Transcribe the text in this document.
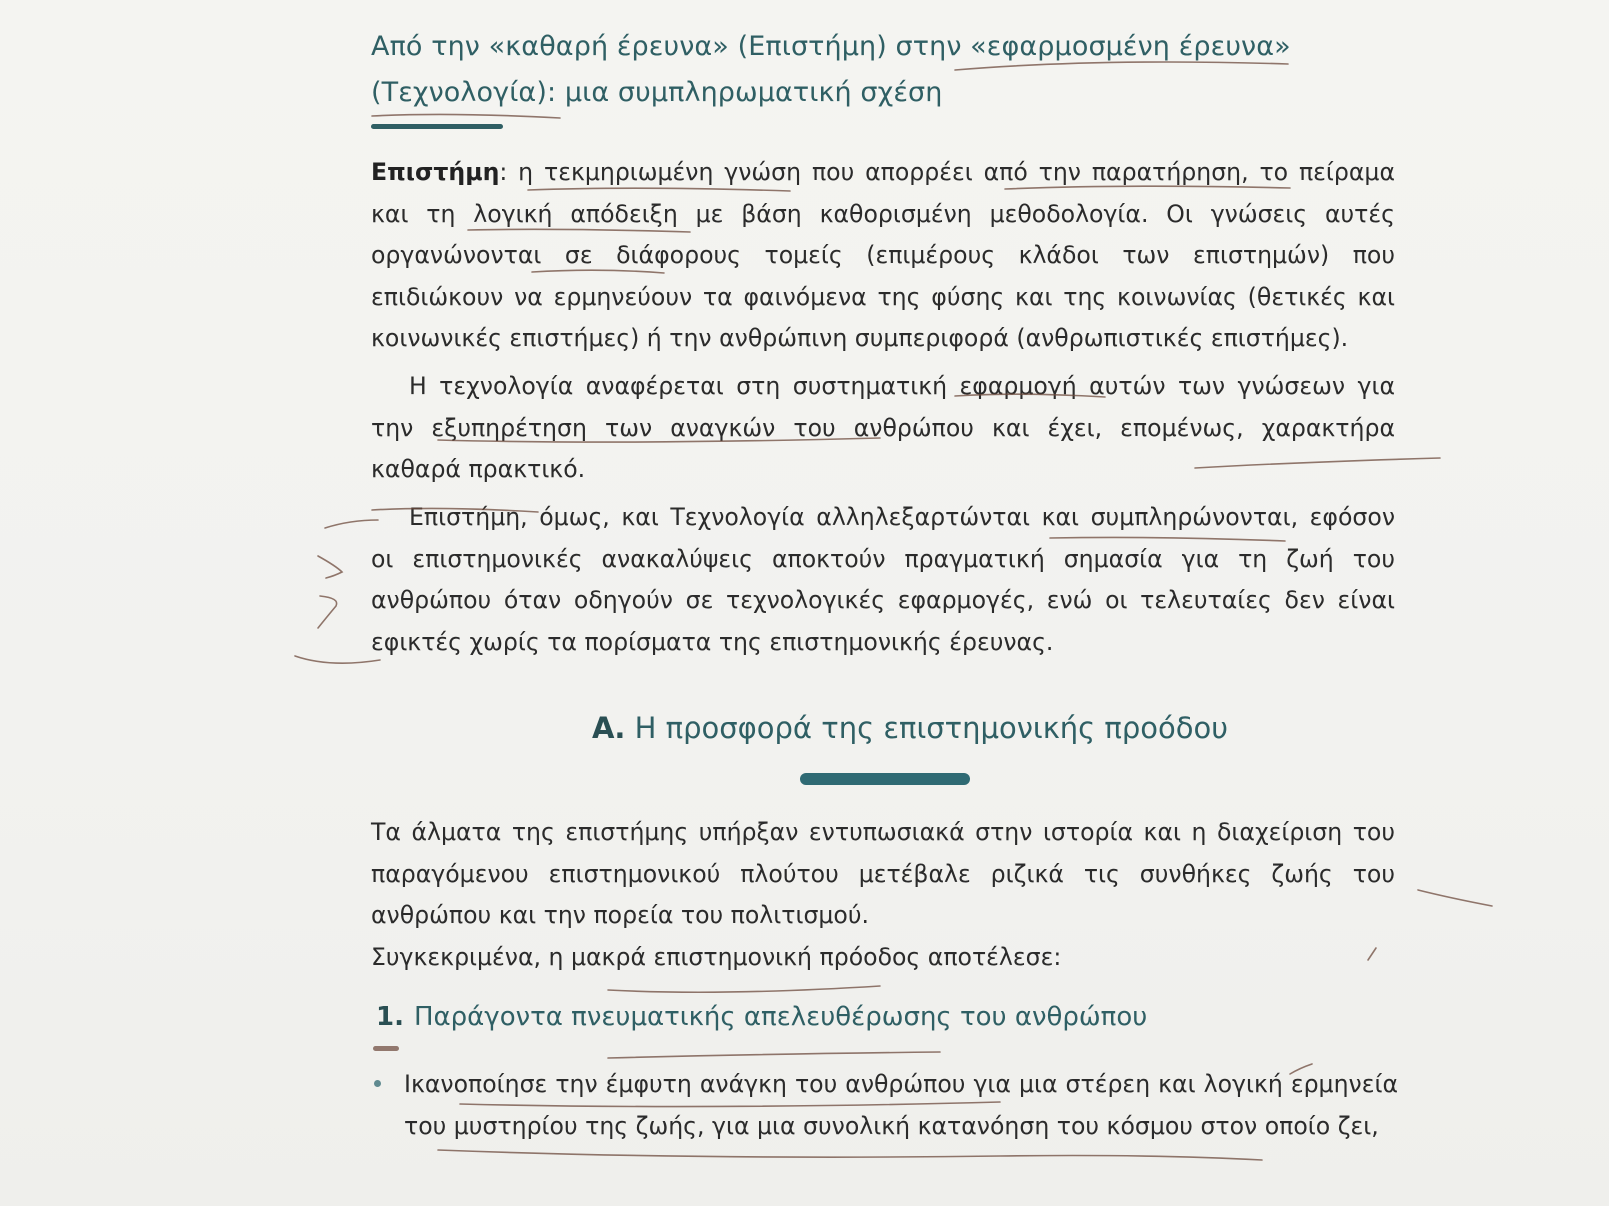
Από την «καθαρή έρευνα» (Επιστήμη) στην «εφαρμοσμένη έρευνα»
(Τεχνολογία): μια συμπληρωματική σχέση
Επιστήμη: η τεκμηριωμένη γνώση που απορρέει από την παρατήρηση, το πείραμα και τη λογική απόδειξη με βάση καθορισμένη μεθοδολογία. Οι γνώσεις αυτές οργανώνονται σε διάφορους τομείς (επιμέρους κλάδοι των επιστημών) που επιδιώκουν να ερμηνεύουν τα φαινόμενα της φύσης και της κοινωνίας (θετικές και κοινωνικές επιστήμες) ή την ανθρώπινη συμπεριφορά (ανθρωπιστικές επιστήμες).
Η τεχνολογία αναφέρεται στη συστηματική εφαρμογή αυτών των γνώσεων για την εξυπηρέτηση των αναγκών του ανθρώπου και έχει, επομένως, χαρακτήρα καθαρά πρακτικό.
Επιστήμη, όμως, και Τεχνολογία αλληλεξαρτώνται και συμπληρώνονται, εφόσον οι επιστημονικές ανακαλύψεις αποκτούν πραγματική σημασία για τη ζωή του ανθρώπου όταν οδηγούν σε τεχνολογικές εφαρμογές, ενώ οι τελευταίες δεν είναι εφικτές χωρίς τα πορίσματα της επιστημονικής έρευνας.
Α. Η προσφορά της επιστημονικής προόδου
Τα άλματα της επιστήμης υπήρξαν εντυπωσιακά στην ιστορία και η διαχείριση του παραγόμενου επιστημονικού πλούτου μετέβαλε ριζικά τις συνθήκες ζωής του ανθρώπου και την πορεία του πολιτισμού.
Συγκεκριμένα, η μακρά επιστημονική πρόοδος αποτέλεσε:
1. Παράγοντα πνευματικής απελευθέρωσης του ανθρώπου
Ικανοποίησε την έμφυτη ανάγκη του ανθρώπου για μια στέρεη και λογική ερμηνεία του μυστηρίου της ζωής, για μια συνολική κατανόηση του κόσμου στον οποίο ζει,
